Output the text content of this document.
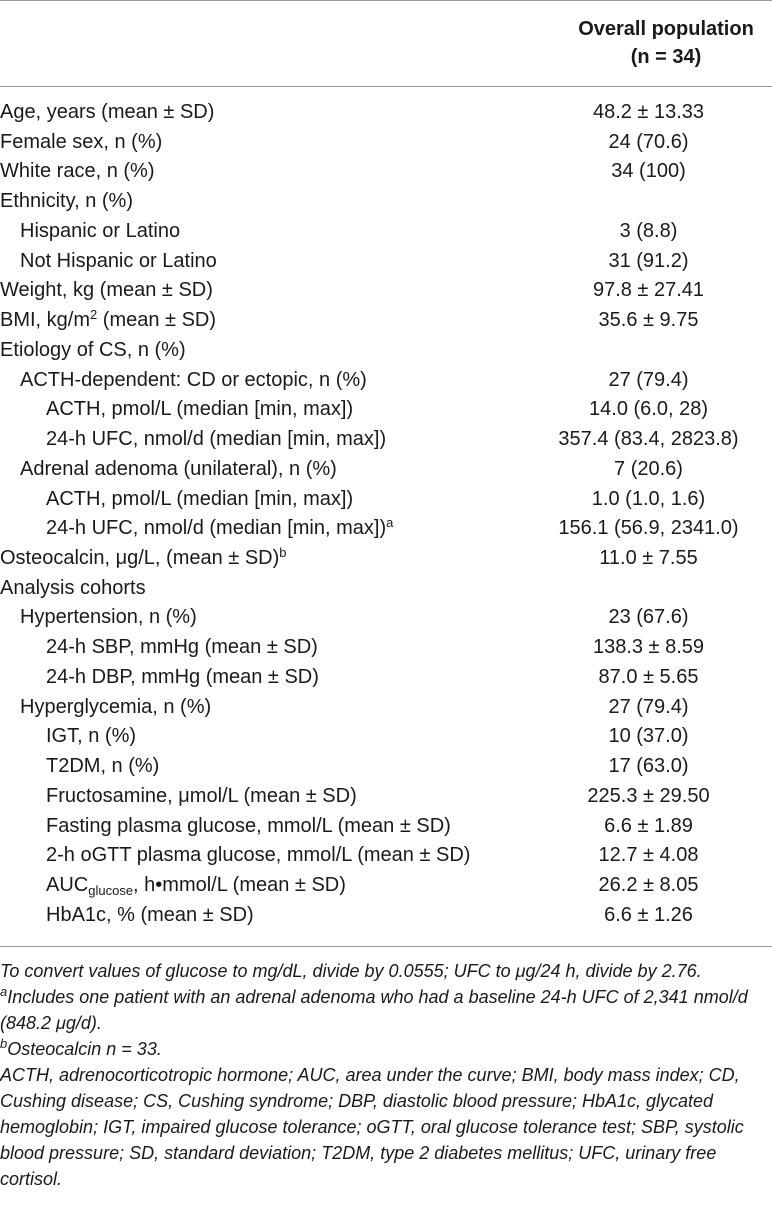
Overall population
(n = 34)
Age, years (mean ± SD)	48.2 ± 13.33
Female sex, n (%)	24 (70.6)
White race, n (%)	34 (100)
Ethnicity, n (%)
Hispanic or Latino	3 (8.8)
Not Hispanic or Latino	31 (91.2)
Weight, kg (mean ± SD)	97.8 ± 27.41
BMI, $kg/m^2$ (mean ± SD)	35.6 ± 9.75
Etiology of CS, n (%)
ACTH-dependent: CD or ectopic, n (%)	27 (79.4)
ACTH, pmol/L (median [min, max])	14.0 (6.0, 28)
24-h UFC, nmol/d (median [min, max])	357.4 (83.4, 2823.8)
Adrenal adenoma (unilateral), n (%)	7 (20.6)
ACTH, pmol/L (median [min, max])	1.0 (1.0, 1.6)
24-h UFC, nmol/d (median [min, max])$^a$	156.1 (56.9, 2341.0)
Osteocalcin, μg/L, (mean ± SD)$^b$	11.0 ± 7.55
Analysis cohorts
Hypertension, n (%)	23 (67.6)
24-h SBP, mmHg (mean ± SD)	138.3 ± 8.59
24-h DBP, mmHg (mean ± SD)	87.0 ± 5.65
Hyperglycemia, n (%)	27 (79.4)
IGT, n (%)	10 (37.0)
T2DM, n (%)	17 (63.0)
Fructosamine, μmol/L (mean ± SD)	225.3 ± 29.50
Fasting plasma glucose, mmol/L (mean ± SD)	6.6 ± 1.89
2-h oGTT plasma glucose, mmol/L (mean ± SD)	12.7 ± 4.08
$AUC_{glucose}$, h•mmol/L (mean ± SD)	26.2 ± 8.05
HbA1c, % (mean ± SD)	6.6 ± 1.26

To convert values of glucose to mg/dL, divide by 0.0555; UFC to μg/24 h, divide by 2.76.

$^a$Includes one patient with an adrenal adenoma who had a baseline 24-h UFC of 2,341 nmol/d (848.2 μg/d).

$^b$Osteocalcin n = 33.

ACTH, adrenocorticotropic hormone; AUC, area under the curve; BMI, body mass index; CD, Cushing disease; CS, Cushing syndrome; DBP, diastolic blood pressure; HbA1c, glycated hemoglobin; IGT, impaired glucose tolerance; oGTT, oral glucose tolerance test; SBP, systolic blood pressure; SD, standard deviation; T2DM, type 2 diabetes mellitus; UFC, urinary free cortisol.
